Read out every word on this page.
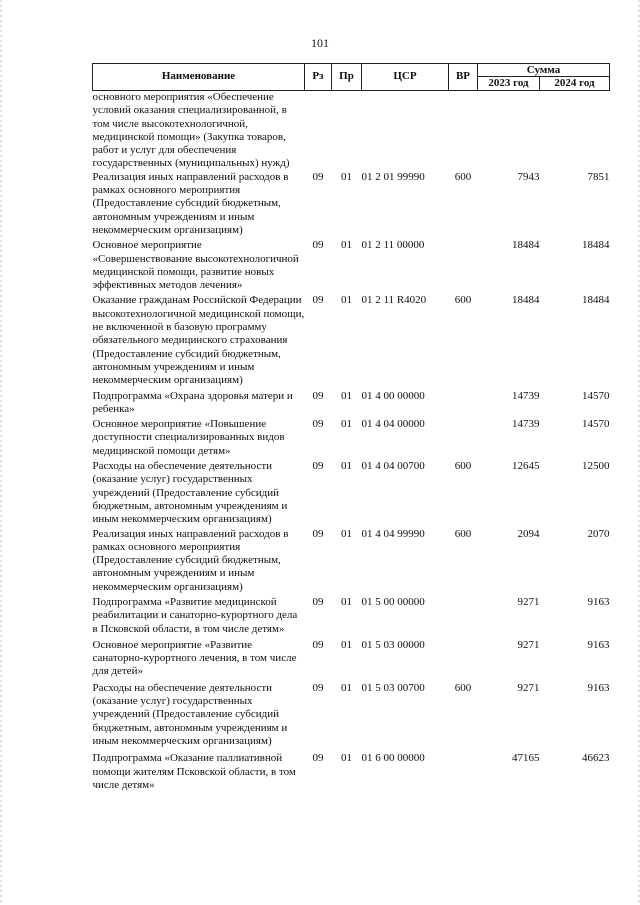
101
Наименование	Рз	Пр	ЦСР	ВР	Сумма	
					2023 год	2024 год
основного мероприятия «Обеспечение условий оказания специализированной, в том числе высокотехнологичной, медицинской помощи» (Закупка товаров, работ и услуг для обеспечения государственных (муниципальных) нужд)						
Реализация иных направлений расходов в рамках основного мероприятия (Предоставление субсидий бюджетным, автономным учреждениям и иным некоммерческим организациям)	09	01	01 2 01 99990	600	7943	7851
Основное мероприятие «Совершенствование высокотехнологичной медицинской помощи, развитие новых эффективных методов лечения»	09	01	01 2 11 00000		18484	18484
Оказание гражданам Российской Федерации высокотехнологичной медицинской помощи, не включенной в базовую программу обязательного медицинского страхования (Предоставление субсидий бюджетным, автономным учреждениям и иным некоммерческим организациям)	09	01	01 2 11 R4020	600	18484	18484
Подпрограмма «Охрана здоровья матери и ребенка»	09	01	01 4 00 00000		14739	14570
Основное мероприятие «Повышение доступности специализированных видов медицинской помощи детям»	09	01	01 4 04 00000		14739	14570
Расходы на обеспечение деятельности (оказание услуг) государственных учреждений (Предоставление субсидий бюджетным, автономным учреждениям и иным некоммерческим организациям)	09	01	01 4 04 00700	600	12645	12500
Реализация иных направлений расходов в рамках основного мероприятия (Предоставление субсидий бюджетным, автономным учреждениям и иным некоммерческим организациям)	09	01	01 4 04 99990	600	2094	2070
Подпрограмма «Развитие медицинской реабилитации и санаторно-курортного дела в Псковской области, в том числе детям»	09	01	01 5 00 00000		9271	9163
Основное мероприятие «Развитие санаторно-курортного лечения, в том числе для детей»	09	01	01 5 03 00000		9271	9163
Расходы на обеспечение деятельности (оказание услуг) государственных учреждений (Предоставление субсидий бюджетным, автономным учреждениям и иным некоммерческим организациям)	09	01	01 5 03 00700	600	9271	9163
Подпрограмма «Оказание паллиативной помощи жителям Псковской области, в том числе детям»	09	01	01 6 00 00000		47165	46623
